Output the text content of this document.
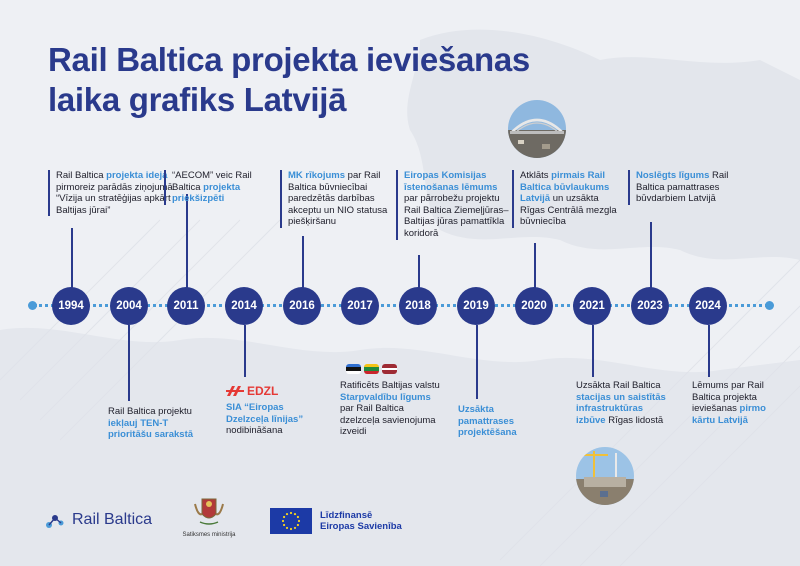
Rail Baltica projekta ieviešanas
laika grafiks Latvijā
Rail Baltica projekta ideja pirmoreiz parādās ziņojumā “Vīzija un stratēģijas apkārt Baltijas jūrai”
1994
Rail Baltica projektu iekļauj TEN-T prioritāšu sarakstā
2004
“AECOM” veic Rail Baltica projekta priekšizpēti
2011
EDZL
SIA “Eiropas Dzelzceļa līnijas” nodibināšana
2014
MK rīkojums par Rail Baltica būvniecībai paredzētās darbības akceptu un NIO statusa piešķiršanu
2016
Ratificēts Baltijas valstu Starpvaldību līgums par Rail Baltica dzelzceļa savienojuma izveidi
2017
Eiropas Komisijas īstenošanas lēmums par pārrobežu projektu Rail Baltica Ziemeļjūras–Baltijas jūras pamattīkla koridorā
2018
Uzsākta pamattrases projektēšana
2019
Atklāts pirmais Rail Baltica būvlaukums Latvijā un uzsākta Rīgas Centrālā mezgla būvniecība
2020
Uzsākta Rail Baltica stacijas un saistītās infrastruktūras izbūve Rīgas lidostā
2021
Noslēgts līgums Rail Baltica pamattrases būvdarbiem Latvijā
2023
Lēmums par Rail Baltica projekta ieviešanas pirmo kārtu Latvijā
2024
Rail Baltica
Satiksmes ministrija
Līdzfinansē
Eiropas Savienība
